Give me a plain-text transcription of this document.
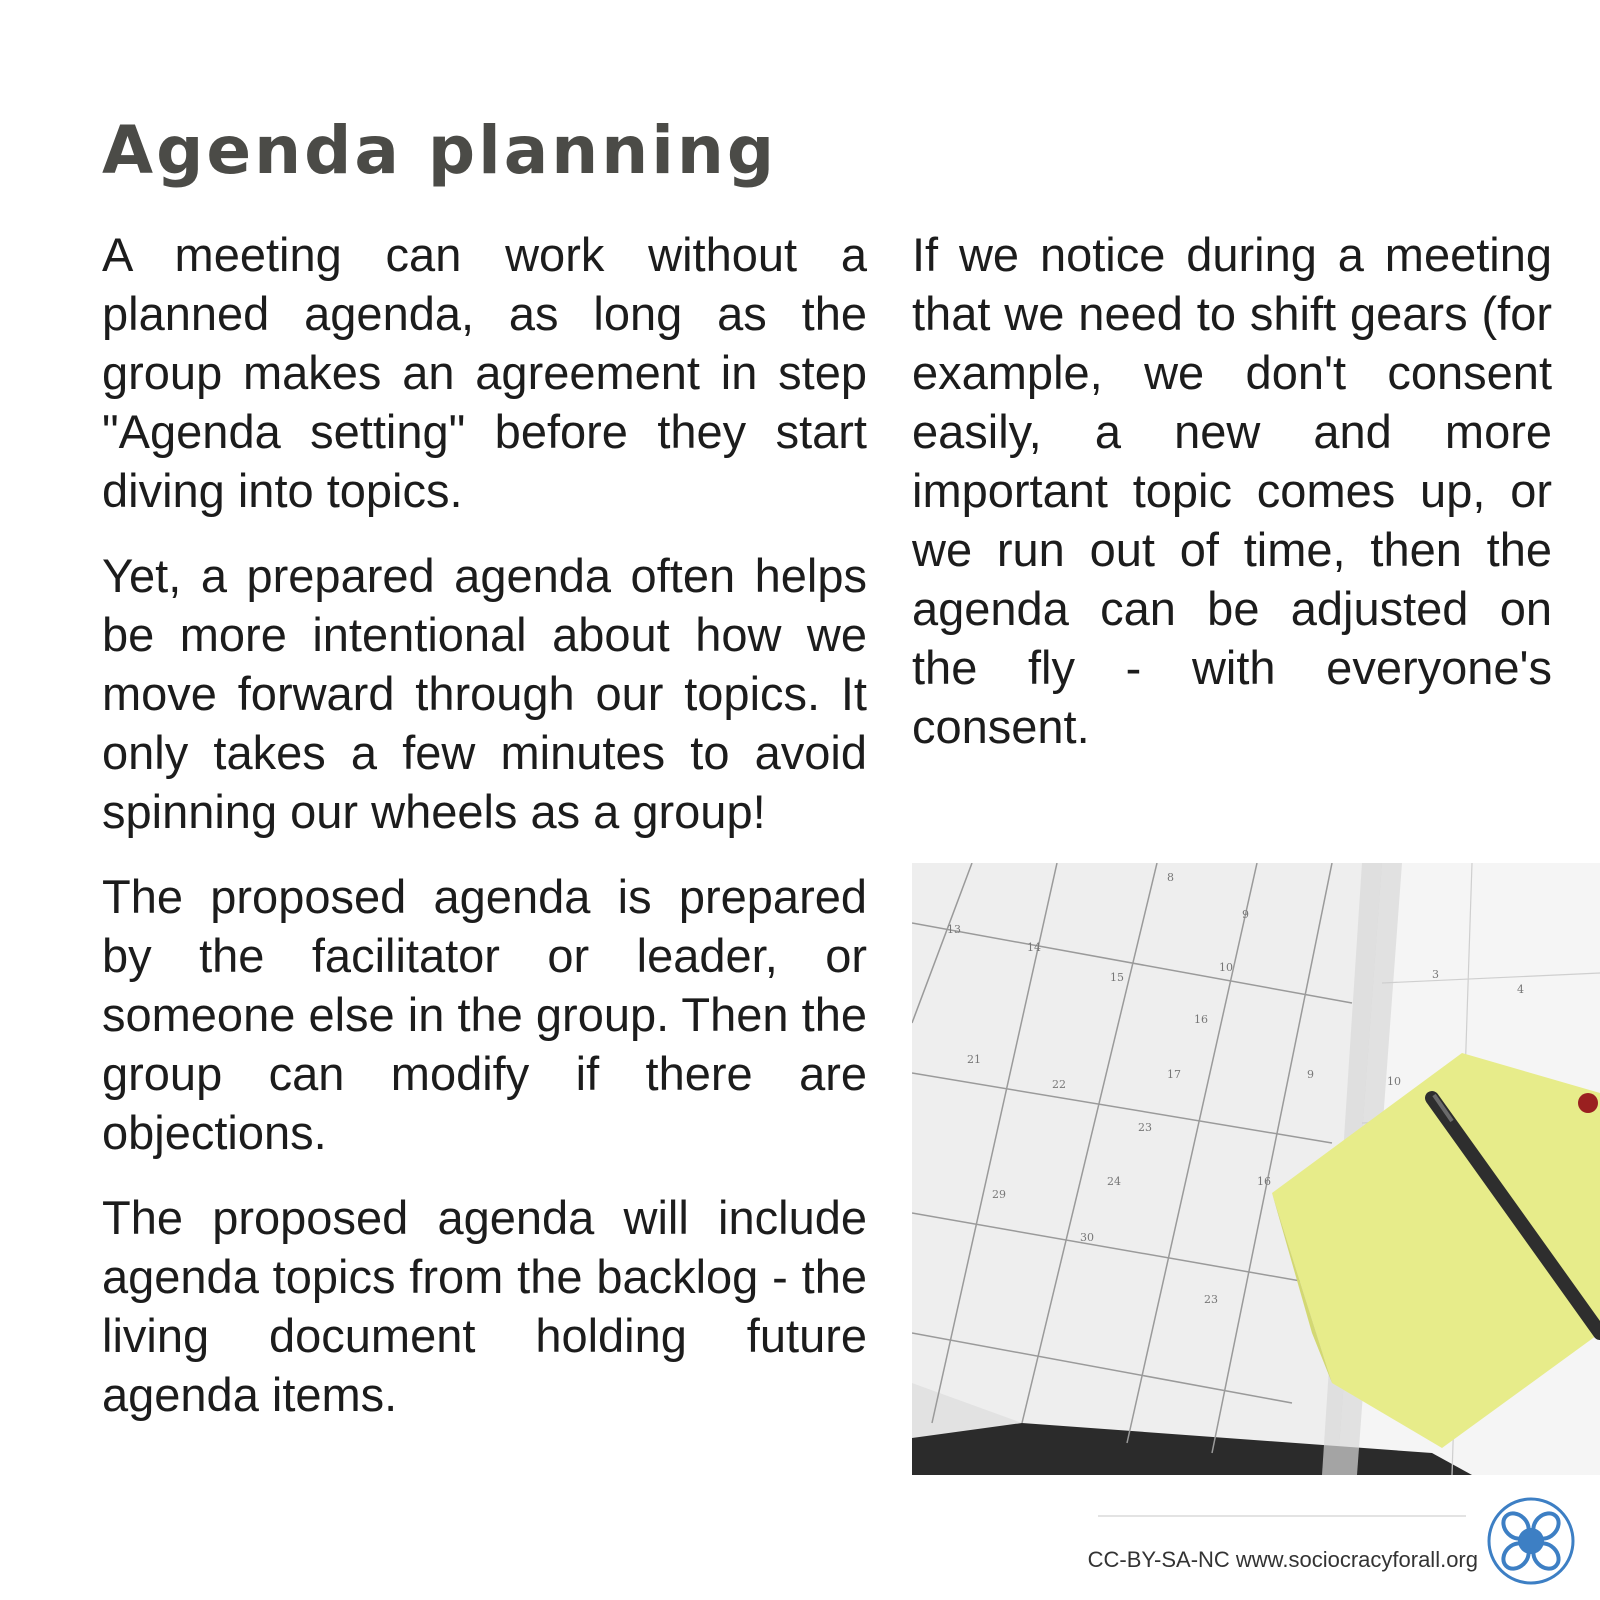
Agenda planning

A meeting can work without a planned agenda, as long as the group makes an agreement in step "Agenda setting" before they start diving into topics.

Yet, a prepared agenda often helps be more intentional about how we move forward through our topics. It only takes a few minutes to avoid spinning our wheels as a group!

The proposed agenda is prepared by the facilitator or leader, or someone else in the group. Then the group can modify if there are objections.

The proposed agenda will include agenda topics from the backlog - the living document holding future agenda items.

If we notice during a meeting that we need to shift gears (for example, we don't consent easily, a new and more important topic comes up, or we run out of time, then the agenda can be adjusted on the fly - with everyone's consent.

8
9
13
14
15
10
16
21
17
22
23
24
29
30
3
4
9
10
16
23
CC-BY-SA-NC www.sociocracyforall.org
